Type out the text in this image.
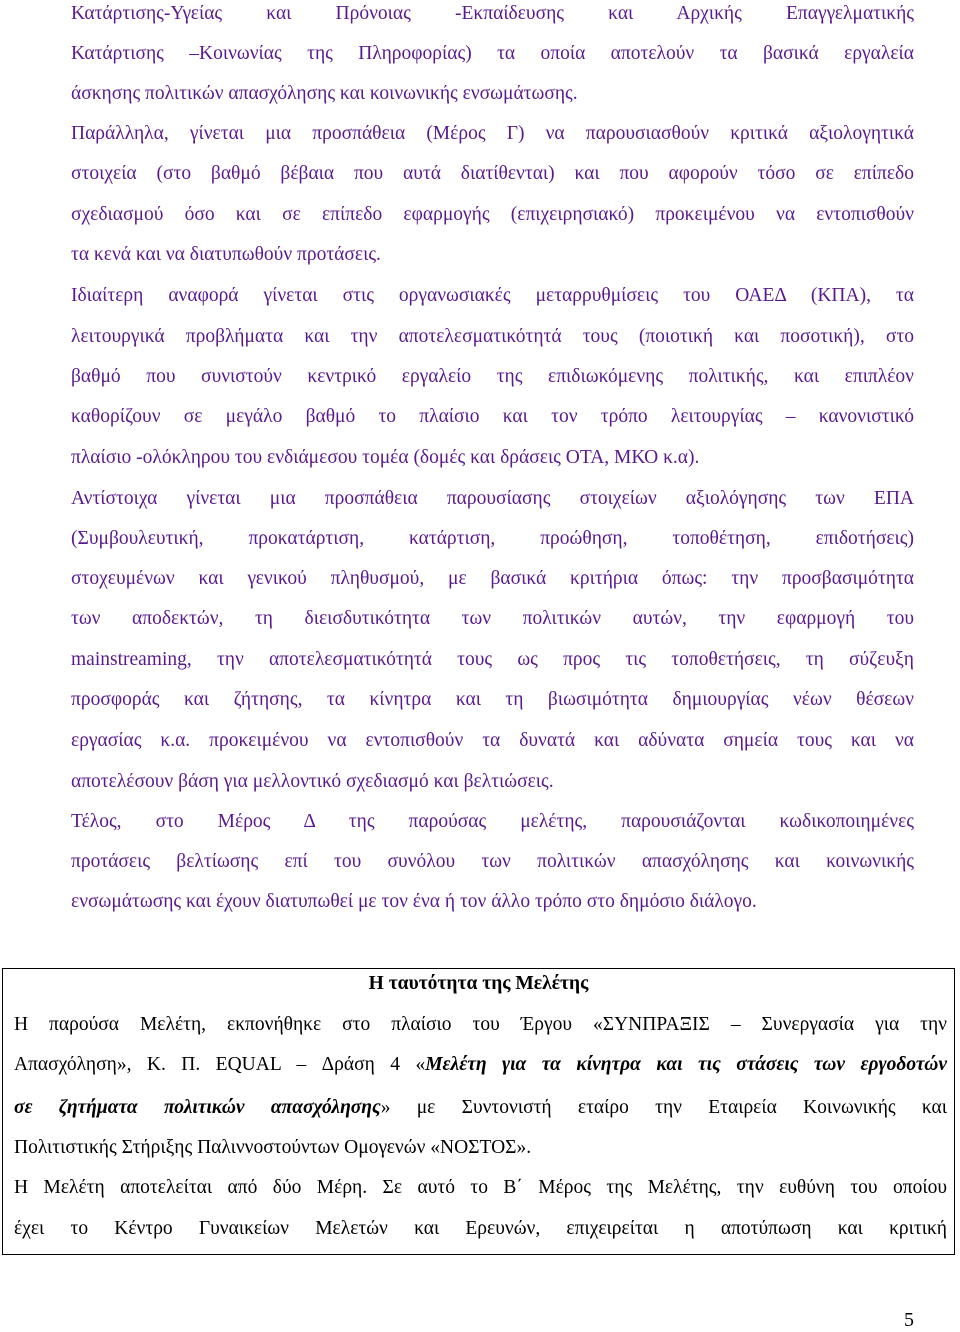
Κατάρτισης-Υγείας και Πρόνοιας -Εκπαίδευσης και Αρχικής Επαγγελματικής
Κατάρτισης –Κοινωνίας της Πληροφορίας) τα οποία αποτελούν τα βασικά εργαλεία
άσκησης πολιτικών απασχόλησης και κοινωνικής ενσωμάτωσης.
Παράλληλα, γίνεται μια προσπάθεια (Μέρος Γ) να παρουσιασθούν κριτικά αξιολογητικά
στοιχεία (στο βαθμό βέβαια που αυτά διατίθενται) και που αφορούν τόσο σε επίπεδο
σχεδιασμού όσο και σε επίπεδο εφαρμογής (επιχειρησιακό) προκειμένου να εντοπισθούν
τα κενά και να διατυπωθούν προτάσεις.
Ιδιαίτερη αναφορά γίνεται στις οργανωσιακές μεταρρυθμίσεις του ΟΑΕΔ (ΚΠΑ), τα
λειτουργικά προβλήματα και την αποτελεσματικότητά τους (ποιοτική και ποσοτική), στο
βαθμό που συνιστούν κεντρικό εργαλείο της επιδιωκόμενης πολιτικής, και επιπλέον
καθορίζουν σε μεγάλο βαθμό το πλαίσιο και τον τρόπο λειτουργίας – κανονιστικό
πλαίσιο -ολόκληρου του ενδιάμεσου τομέα (δομές και δράσεις ΟΤΑ, ΜΚΟ κ.α).
Αντίστοιχα γίνεται μια προσπάθεια παρουσίασης στοιχείων αξιολόγησης των ΕΠΑ
(Συμβουλευτική, προκατάρτιση, κατάρτιση, προώθηση, τοποθέτηση, επιδοτήσεις)
στοχευμένων και γενικού πληθυσμού, με βασικά κριτήρια όπως: την προσβασιμότητα
των αποδεκτών, τη διεισδυτικότητα των πολιτικών αυτών, την εφαρμογή του
mainstreaming, την αποτελεσματικότητά τους ως προς τις τοποθετήσεις, τη σύζευξη
προσφοράς και ζήτησης, τα κίνητρα και τη βιωσιμότητα δημιουργίας νέων θέσεων
εργασίας κ.α. προκειμένου να εντοπισθούν τα δυνατά και αδύνατα σημεία τους και να
αποτελέσουν βάση για μελλοντικό σχεδιασμό και βελτιώσεις.
Τέλος, στο Μέρος Δ της παρούσας μελέτης, παρουσιάζονται κωδικοποιημένες
προτάσεις βελτίωσης επί του συνόλου των πολιτικών απασχόλησης και κοινωνικής
ενσωμάτωσης και έχουν διατυπωθεί με τον ένα ή τον άλλο τρόπο στο δημόσιο διάλογο.
Η ταυτότητα της Μελέτης
Η παρούσα Μελέτη, εκπονήθηκε στο πλαίσιο του Έργου «ΣΥΝΠΡΑΞΙΣ – Συνεργασία για την
Απασχόληση», Κ. Π. EQUAL – Δράση 4 «Μελέτη για τα κίνητρα και τις στάσεις των εργοδοτών
σε ζητήματα πολιτικών απασχόλησης» με Συντονιστή εταίρο την Εταιρεία Κοινωνικής και
Πολιτιστικής Στήριξης Παλιννοστούντων Ομογενών «ΝΟΣΤΟΣ».
Η Μελέτη αποτελείται από δύο Μέρη. Σε αυτό το Β΄ Μέρος της Μελέτης, την ευθύνη του οποίου
έχει το Κέντρο Γυναικείων Μελετών και Ερευνών, επιχειρείται η αποτύπωση και κριτική
5
